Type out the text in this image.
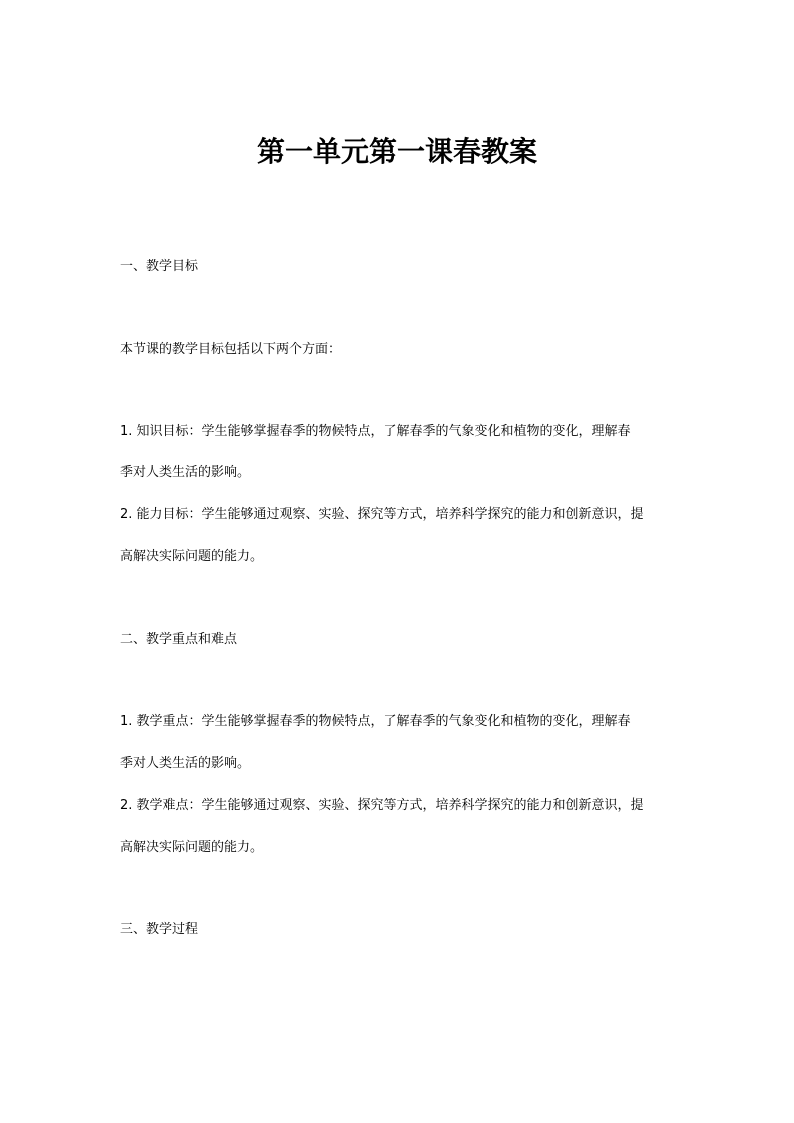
第一单元第一课春教案
一、教学目标
本节课的教学目标包括以下两个方面：
1. 知识目标：学生能够掌握春季的物候特点，了解春季的气象变化和植物的变化，理解春
季对人类生活的影响。
2. 能力目标：学生能够通过观察、实验、探究等方式，培养科学探究的能力和创新意识，提
高解决实际问题的能力。
二、教学重点和难点
1. 教学重点：学生能够掌握春季的物候特点，了解春季的气象变化和植物的变化，理解春
季对人类生活的影响。
2. 教学难点：学生能够通过观察、实验、探究等方式，培养科学探究的能力和创新意识，提
高解决实际问题的能力。
三、教学过程
